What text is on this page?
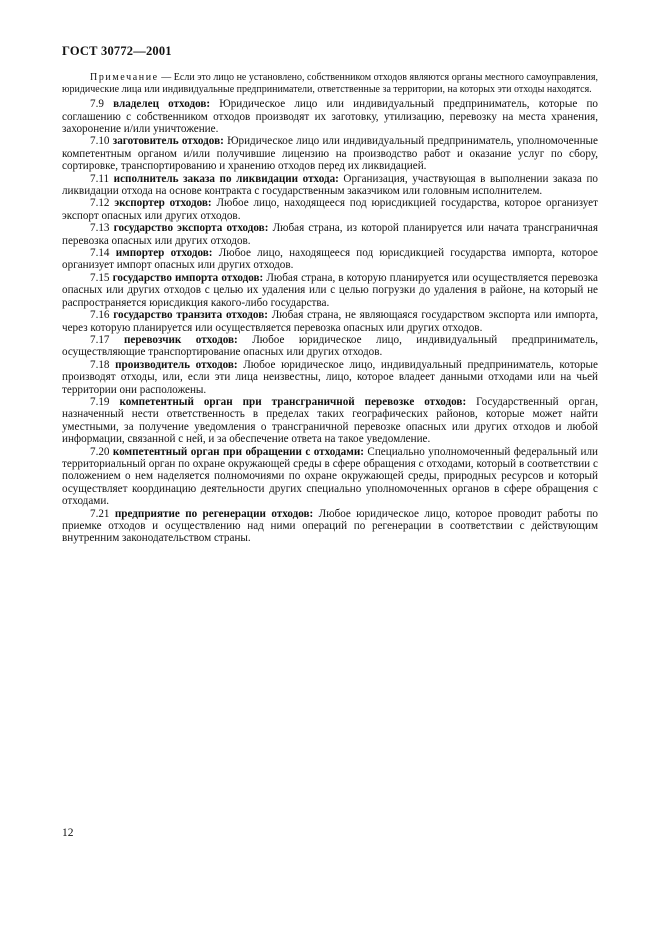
ГОСТ 30772—2001

Примечание — Если это лицо не установлено, собственником отходов являются органы местного самоуправления, юридические лица или индивидуальные предприниматели, ответственные за территории, на которых эти отходы находятся.

7.9 владелец отходов: Юридическое лицо или индивидуальный предприниматель, которые по соглашению с собственником отходов производят их заготовку, утилизацию, перевозку на места хранения, захоронение и/или уничтожение.

7.10 заготовитель отходов: Юридическое лицо или индивидуальный предприниматель, уполномоченные компетентным органом и/или получившие лицензию на производство работ и оказание услуг по сбору, сортировке, транспортированию и хранению отходов перед их ликвидацией.

7.11 исполнитель заказа по ликвидации отхода: Организация, участвующая в выполнении заказа по ликвидации отхода на основе контракта с государственным заказчиком или головным исполнителем.

7.12 экспортер отходов: Любое лицо, находящееся под юрисдикцией государства, которое организует экспорт опасных или других отходов.

7.13 государство экспорта отходов: Любая страна, из которой планируется или начата трансграничная перевозка опасных или других отходов.

7.14 импортер отходов: Любое лицо, находящееся под юрисдикцией государства импорта, которое организует импорт опасных или других отходов.

7.15 государство импорта отходов: Любая страна, в которую планируется или осуществляется перевозка опасных или других отходов с целью их удаления или с целью погрузки до удаления в районе, на который не распространяется юрисдикция какого-либо государства.

7.16 государство транзита отходов: Любая страна, не являющаяся государством экспорта или импорта, через которую планируется или осуществляется перевозка опасных или других отходов.

7.17 перевозчик отходов: Любое юридическое лицо, индивидуальный предприниматель, осуществляющие транспортирование опасных или других отходов.

7.18 производитель отходов: Любое юридическое лицо, индивидуальный предприниматель, которые производят отходы, или, если эти лица неизвестны, лицо, которое владеет данными отходами или на чьей территории они расположены.

7.19 компетентный орган при трансграничной перевозке отходов: Государственный орган, назначенный нести ответственность в пределах таких географических районов, которые может найти уместными, за получение уведомления о трансграничной перевозке опасных или других отходов и любой информации, связанной с ней, и за обеспечение ответа на такое уведомление.

7.20 компетентный орган при обращении с отходами: Специально уполномоченный федеральный или территориальный орган по охране окружающей среды в сфере обращения с отходами, который в соответствии с положением о нем наделяется полномочиями по охране окружающей среды, природных ресурсов и который осуществляет координацию деятельности других специально уполномоченных органов в сфере обращения с отходами.

7.21 предприятие по регенерации отходов: Любое юридическое лицо, которое проводит работы по приемке отходов и осуществлению над ними операций по регенерации в соответствии с действующим внутренним законодательством страны.

12
